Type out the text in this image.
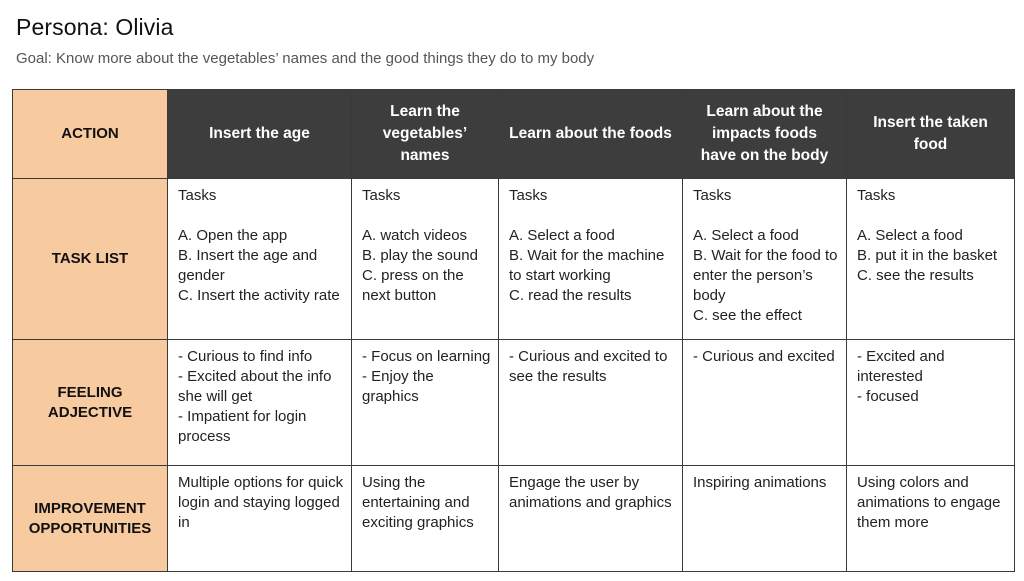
Persona: Olivia
Goal: Know more about the vegetables’ names and the good things they do to my body
ACTION	Insert the age	Learn the vegetables’ names	Learn about the foods	Learn about the impacts foods have on the body	Insert the taken food
TASK LIST	Tasks

A. Open the app
B. Insert the age and gender
C. Insert the activity rate	Tasks

A. watch videos
B. play the sound
C. press on the next button	Tasks

A. Select a food
B. Wait for the machine to start working
C. read the results	Tasks

A. Select a food
B. Wait for the food to enter the person’s body
C. see the effect	Tasks

A. Select a food
B. put it in the basket
C. see the results
FEELING
ADJECTIVE	- Curious to find info
- Excited about the info she will get
- Impatient for login process	- Focus on learning
- Enjoy the graphics	- Curious and excited to see the results	- Curious and excited	- Excited and interested
- focused
IMPROVEMENT
OPPORTUNITIES	Multiple options for quick login and staying logged in	Using the entertaining and exciting graphics	Engage the user by animations and graphics	Inspiring animations	Using colors and animations to engage them more
